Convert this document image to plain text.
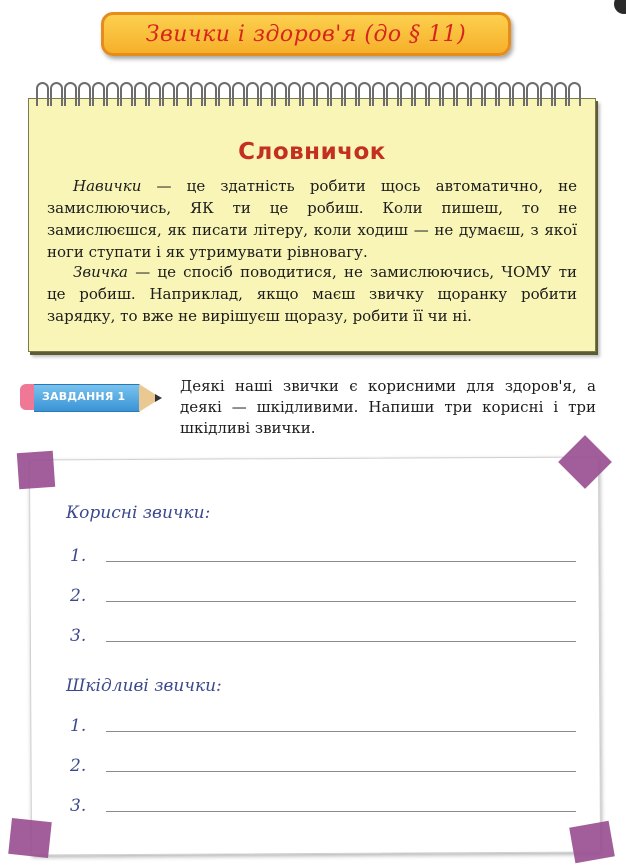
Звички і здоров'я (до § 11)
Словничок

Навички — це здатність робити щось автоматично, не замислюючись, ЯК ти це робиш. Коли пишеш, то не замислюєшся, як писати літеру, коли ходиш — не думаєш, з якої ноги ступати і як утримувати рівновагу.

Звичка — це спосіб поводитися, не замислюючись, ЧОМУ ти це робиш. Наприклад, якщо маєш звичку щоранку робити зарядку, то вже не вирішуєш щоразу, робити її чи ні.

ЗАВДАННЯ 1

Деякі наші звички є корисними для здоров'я, а деякі — шкідливими. Напиши три корисні і три шкідливі звички.

Корисні звички:
1.
2.
3.
Шкідливі звички:
1.
2.
3.
